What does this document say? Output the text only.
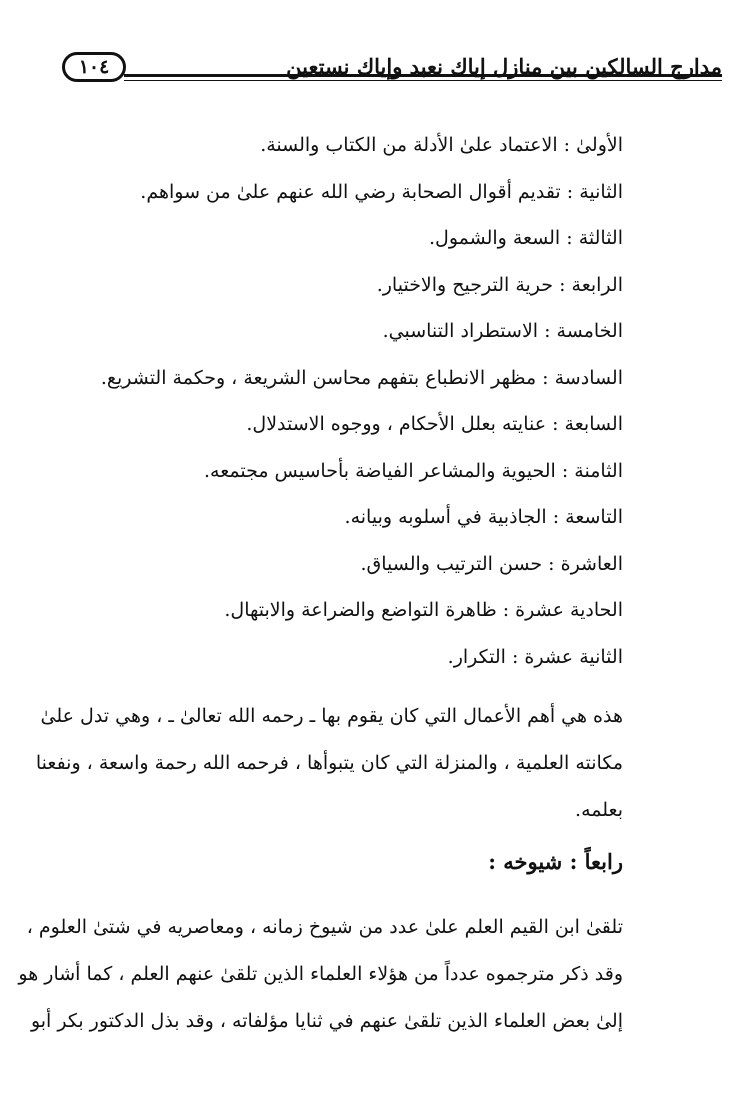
مدارج السالكين بين منازل إياك نعبد وإياك نستعين
١٠٤
الأولىٰ : الاعتماد علىٰ الأدلة من الكتاب والسنة.
الثانية : تقديم أقوال الصحابة رضي الله عنهم علىٰ من سواهم.
الثالثة : السعة والشمول.
الرابعة : حرية الترجيح والاختيار.
الخامسة : الاستطراد التناسبي.
السادسة : مظهر الانطباع بتفهم محاسن الشريعة ، وحكمة التشريع.
السابعة : عنايته بعلل الأحكام ، ووجوه الاستدلال.
الثامنة : الحيوية والمشاعر الفياضة بأحاسيس مجتمعه.
التاسعة : الجاذبية في أسلوبه وبيانه.
العاشرة : حسن الترتيب والسياق.
الحادية عشرة : ظاهرة التواضع والضراعة والابتهال.
الثانية عشرة : التكرار.
هذه هي أهم الأعمال التي كان يقوم بها ـ رحمه الله تعالىٰ ـ ، وهي تدل علىٰ
مكانته العلمية ، والمنزلة التي كان يتبوأها ، فرحمه الله رحمة واسعة ، ونفعنا
بعلمه.
رابعاً : شيوخه :
تلقىٰ ابن القيم العلم علىٰ عدد من شيوخ زمانه ، ومعاصريه في شتىٰ العلوم ،
وقد ذكر مترجموه عدداً من هؤلاء العلماء الذين تلقىٰ عنهم العلم ، كما أشار هو
إلىٰ بعض العلماء الذين تلقىٰ عنهم في ثنايا مؤلفاته ، وقد بذل الدكتور بكر أبو
